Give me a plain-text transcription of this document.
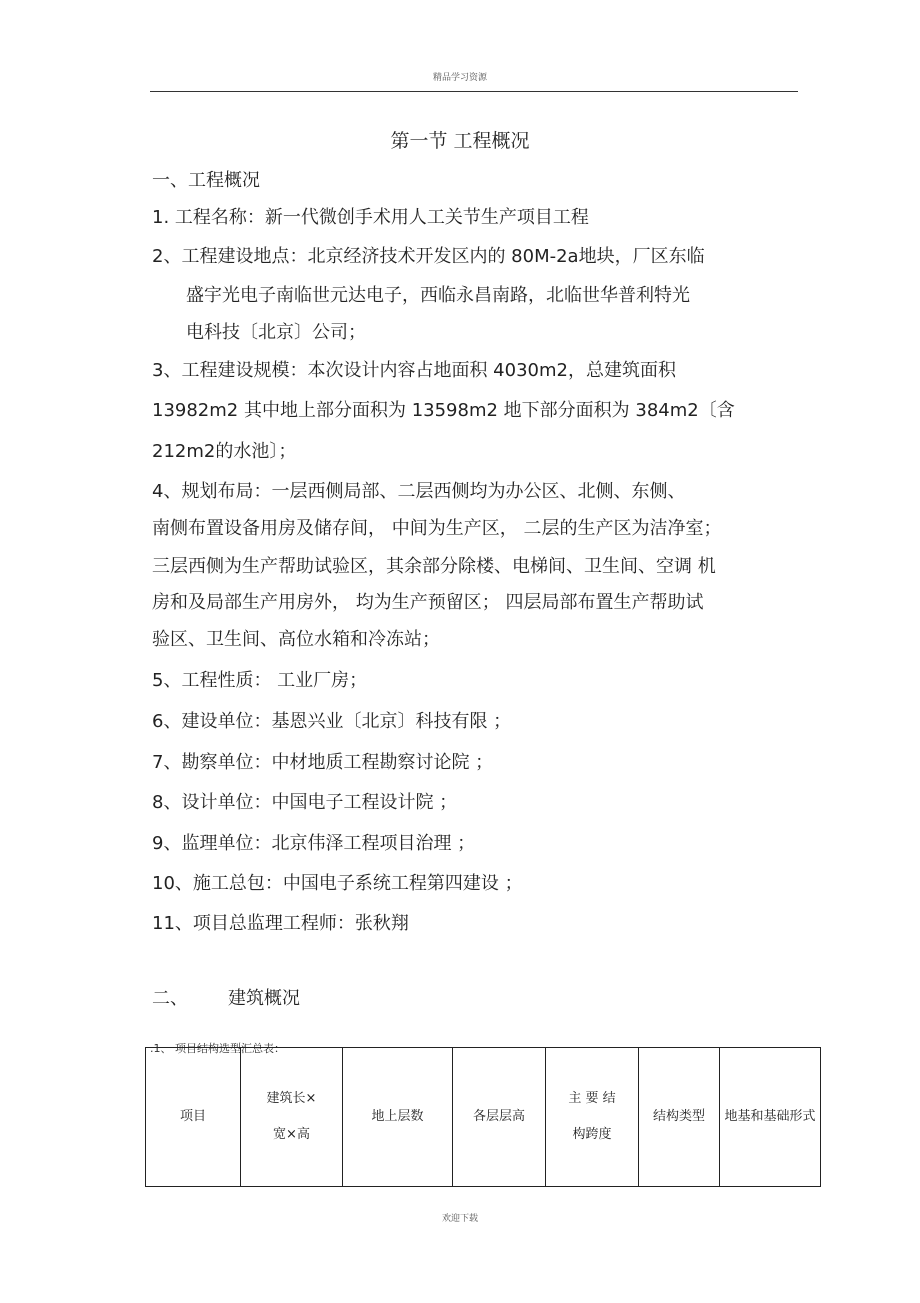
精品学习资源
第一节 工程概况
一、工程概况
1. 工程名称：新一代微创手术用人工关节生产项目工程
2、工程建设地点：北京经济技术开发区内的 80M-2a地块，厂区东临
盛宇光电子南临世元达电子，西临永昌南路，北临世华普利特光
电科技〔北京〕公司；
3、工程建设规模：本次设计内容占地面积 4030m2，总建筑面积
13982m2 其中地上部分面积为 13598m2 地下部分面积为 384m2〔含
212m2的水池〕；
4、规划布局：一层西侧局部、二层西侧均为办公区、北侧、东侧、
南侧布置设备用房及储存间， 中间为生产区， 二层的生产区为洁净室；
三层西侧为生产帮助试验区，其余部分除楼、电梯间、卫生间、空调 机
房和及局部生产用房外， 均为生产预留区； 四层局部布置生产帮助试
验区、卫生间、高位水箱和冷冻站；
5、工程性质： 工业厂房；
6、建设单位：基恩兴业〔北京〕科技有限 ；
7、勘察单位：中材地质工程勘察讨论院 ；
8、设计单位：中国电子工程设计院 ；
9、监理单位：北京伟泽工程项目治理 ；
10、施工总包：中国电子系统工程第四建设 ；
11、项目总监理工程师：张秋翔
二、       建筑概况
.1、 项目结构选型汇总表：
项目	建筑长×
宽×高	地上层数	各层层高	主 要 结
构跨度	结构类型	地基和基础形式
欢迎下载
